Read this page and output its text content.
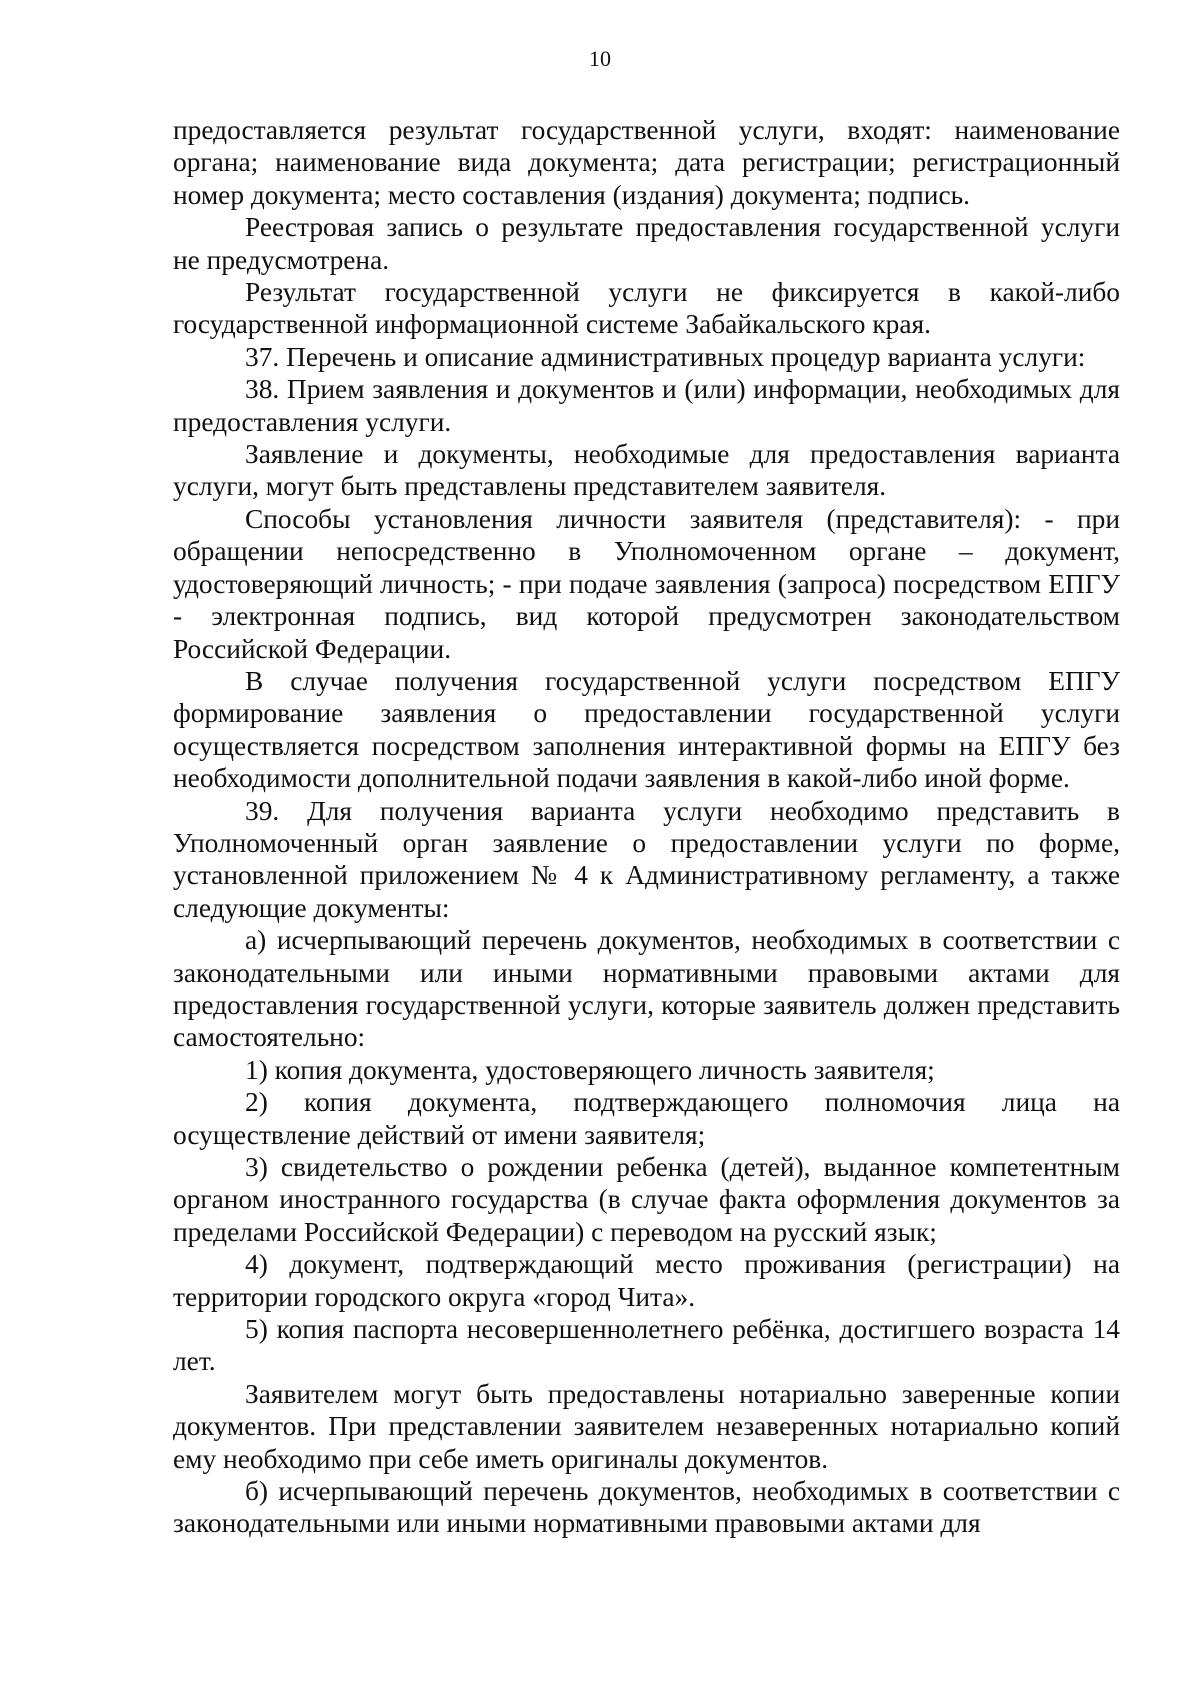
10

предоставляется результат государственной услуги, входят: наименование органа; наименование вида документа; дата регистрации; регистрационный номер документа; место составления (издания) документа; подпись.

Реестровая запись о результате предоставления государственной услуги не предусмотрена.

Результат государственной услуги не фиксируется в какой-либо государственной информационной системе Забайкальского края.

37. Перечень и описание административных процедур варианта услуги:

38. Прием заявления и документов и (или) информации, необходимых для предоставления услуги.

Заявление и документы, необходимые для предоставления варианта услуги, могут быть представлены представителем заявителя.

Способы установления личности заявителя (представителя): - при обращении непосредственно в Уполномоченном органе – документ, удостоверяющий личность; - при подаче заявления (запроса) посредством ЕПГУ - электронная подпись, вид которой предусмотрен законодательством Российской Федерации.

В случае получения государственной услуги посредством ЕПГУ формирование заявления о предоставлении государственной услуги осуществляется посредством заполнения интерактивной формы на ЕПГУ без необходимости дополнительной подачи заявления в какой-либо иной форме.

39. Для получения варианта услуги необходимо представить в Уполномоченный орган заявление о предоставлении услуги по форме, установленной приложением № 4 к Административному регламенту, а также следующие документы:

а) исчерпывающий перечень документов, необходимых в соответствии с законодательными или иными нормативными правовыми актами для предоставления государственной услуги, которые заявитель должен представить самостоятельно:

1) копия документа, удостоверяющего личность заявителя;

2) копия документа, подтверждающего полномочия лица на осуществление действий от имени заявителя;

3) свидетельство о рождении ребенка (детей), выданное компетентным органом иностранного государства (в случае факта оформления документов за пределами Российской Федерации) с переводом на русский язык;

4) документ, подтверждающий место проживания (регистрации) на территории городского округа «город Чита».

5) копия паспорта несовершеннолетнего ребёнка, достигшего возраста 14 лет.

Заявителем могут быть предоставлены нотариально заверенные копии документов. При представлении заявителем незаверенных нотариально копий ему необходимо при себе иметь оригиналы документов.

б) исчерпывающий перечень документов, необходимых в соответствии с законодательными или иными нормативными правовыми актами для
